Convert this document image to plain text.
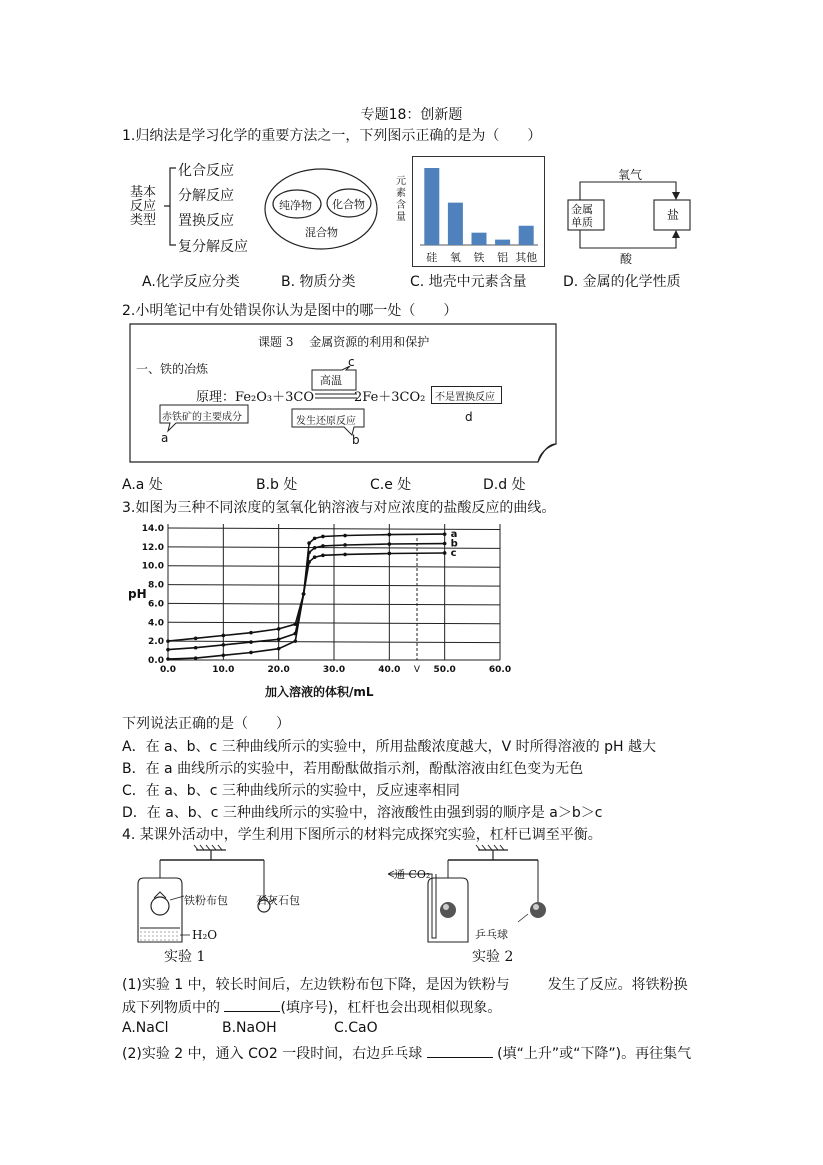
专题18：创新题
1.归纳法是学习化学的重要方法之一，下列图示正确的是为（　　）
基本
反应
类型
化合反应
分解反应
置换反应
复分解反应
A.化学反应分类
纯净物 化合物
混合物
B. 物质分类
元
素
含
量
硅 氧 铁 铝 其他
C. 地壳中元素含量
氧气
金属
单质
盐
酸
D. 金属的化学性质
2.小明笔记中有处错误你认为是图中的哪一处（　　）
课题 3　 金属资源的利用和保护
一、铁的冶炼	c
高温
原理：Fe₂O₃＋3CO	2Fe＋3CO₂ 不是置换反应
d
赤铁矿的主要成分
a
发生还原反应
b
A.a 处	B.b 处	C.e 处	D.d 处
3.如图为三种不同浓度的氢氧化钠溶液与对应浓度的盐酸反应的曲线。
0.0
2.0
4.0
6.0
8.0
10.0
12.0
14.0
0.0	10.0	20.0	30.0	40.0	50.0	60.0
pH
V
a
b
c
加入溶液的体积/mL
下列说法正确的是（　　）
A．在 a、b、c 三种曲线所示的实验中，所用盐酸浓度越大，V 时所得溶液的 pH 越大
B．在 a 曲线所示的实验中，若用酚酞做指示剂，酚酞溶液由红色变为无色
C．在 a、b、c 三种曲线所示的实验中，反应速率相同
D．在 a、b、c 三种曲线所示的实验中，溶液酸性由强到弱的顺序是 a＞b＞c
4. 某课外活动中，学生利用下图所示的材料完成探究实验，杠杆已调至平衡。
铁粉布包	石灰石包
H₂O
实验 1
通 CO₂
乒乓球
实验 2
(1)实验 1 中，较长时间后，左边铁粉布包下降，是因为铁粉与	发生了反应。将铁粉换
成下列物质中的	(填序号)，杠杆也会出现相似现象。
A.NaCl	B.NaOH	C.CaO
(2)实验 2 中，通入 CO2 一段时间，右边乒乓球	(填“上升”或“下降”)。再往集气
